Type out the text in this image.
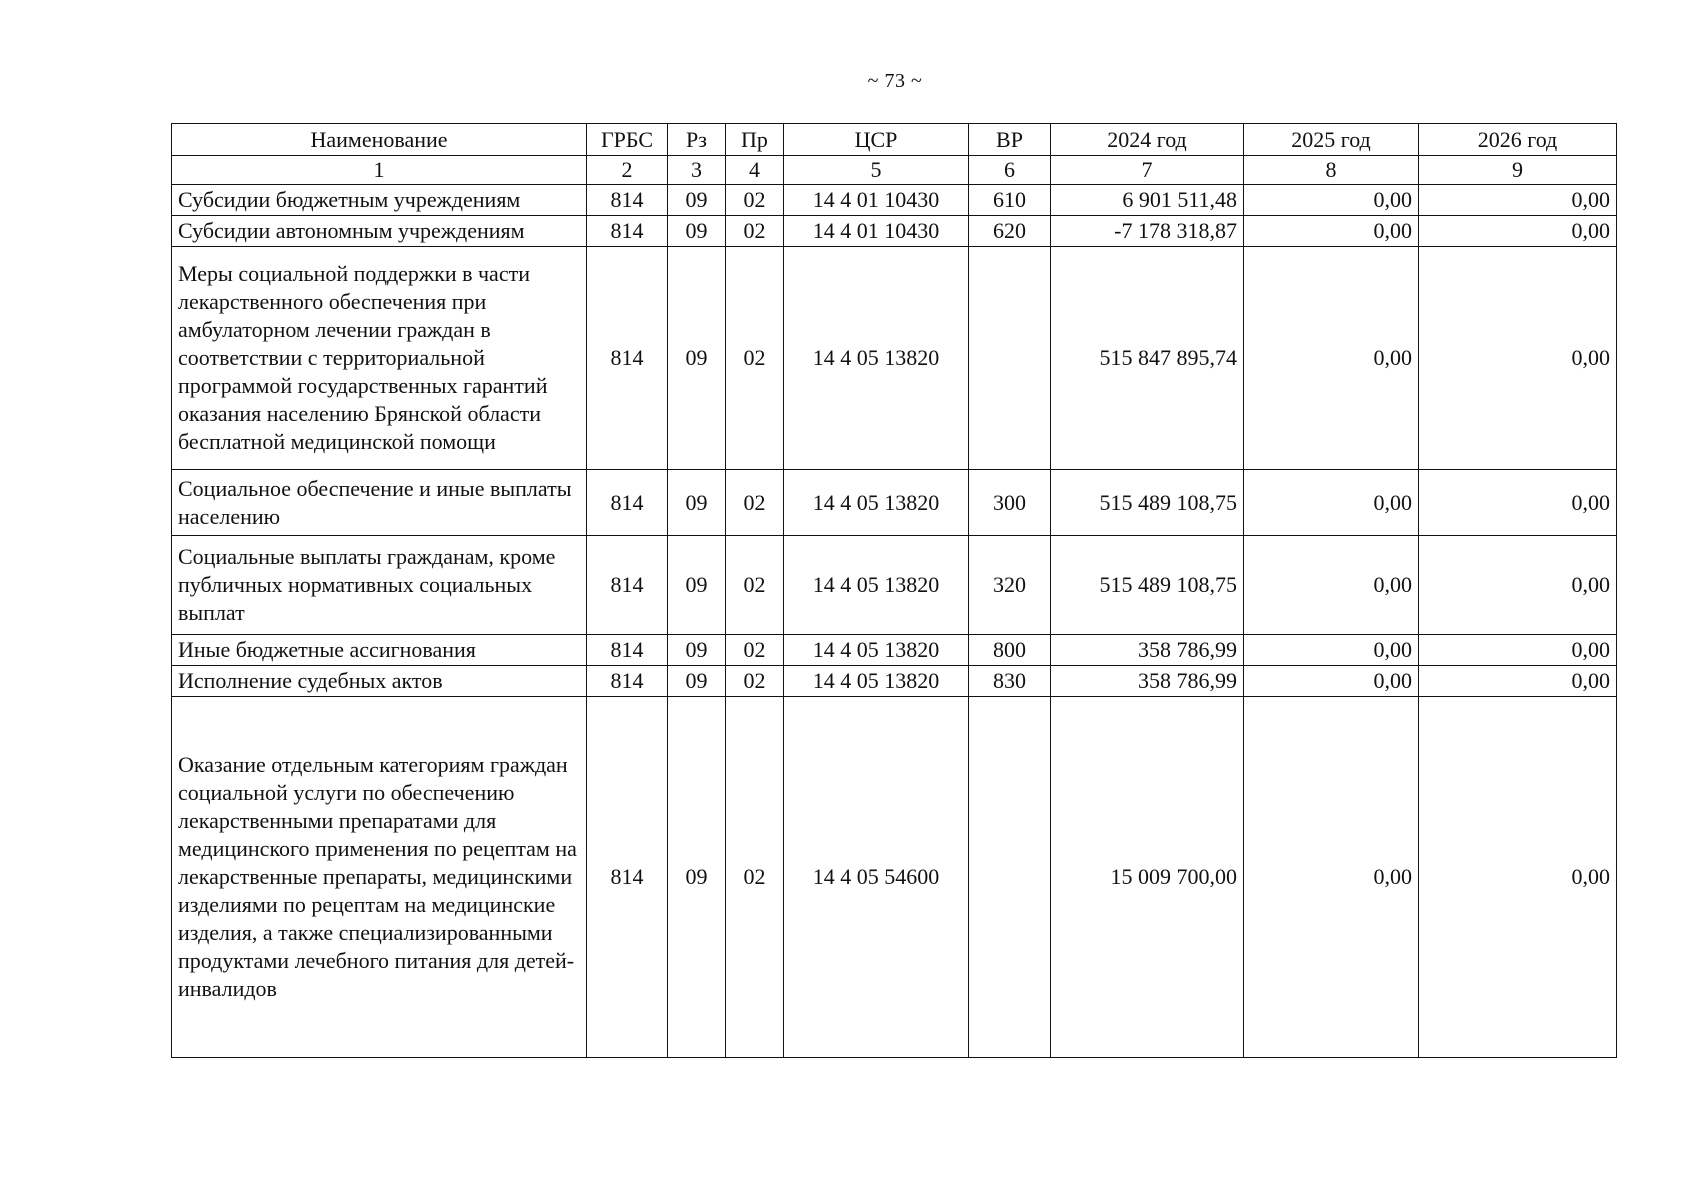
~ 73 ~
Наименование	ГРБС	Рз	Пр	ЦСР	ВР	2024 год	2025 год	2026 год
1	2	3	4	5	6	7	8	9
Субсидии бюджетным учреждениям	814	09	02	14 4 01 10430	610	6 901 511,48	0,00	0,00
Субсидии автономным учреждениям	814	09	02	14 4 01 10430	620	-7 178 318,87	0,00	0,00
Меры социальной поддержки в части лекарственного обеспечения при амбулаторном лечении граждан в соответствии с территориальной программой государственных гарантий оказания населению Брянской области бесплатной медицинской помощи	814	09	02	14 4 05 13820		515 847 895,74	0,00	0,00
Социальное обеспечение и иные выплаты населению	814	09	02	14 4 05 13820	300	515 489 108,75	0,00	0,00
Социальные выплаты гражданам, кроме публичных нормативных социальных выплат	814	09	02	14 4 05 13820	320	515 489 108,75	0,00	0,00
Иные бюджетные ассигнования	814	09	02	14 4 05 13820	800	358 786,99	0,00	0,00
Исполнение судебных актов	814	09	02	14 4 05 13820	830	358 786,99	0,00	0,00
Оказание отдельным категориям граждан социальной услуги по обеспечению лекарственными препаратами для медицинского применения по рецептам на лекарственные препараты, медицинскими изделиями по рецептам на медицинские изделия, а также специализированными продуктами лечебного питания для детей-инвалидов	814	09	02	14 4 05 54600		15 009 700,00	0,00	0,00
